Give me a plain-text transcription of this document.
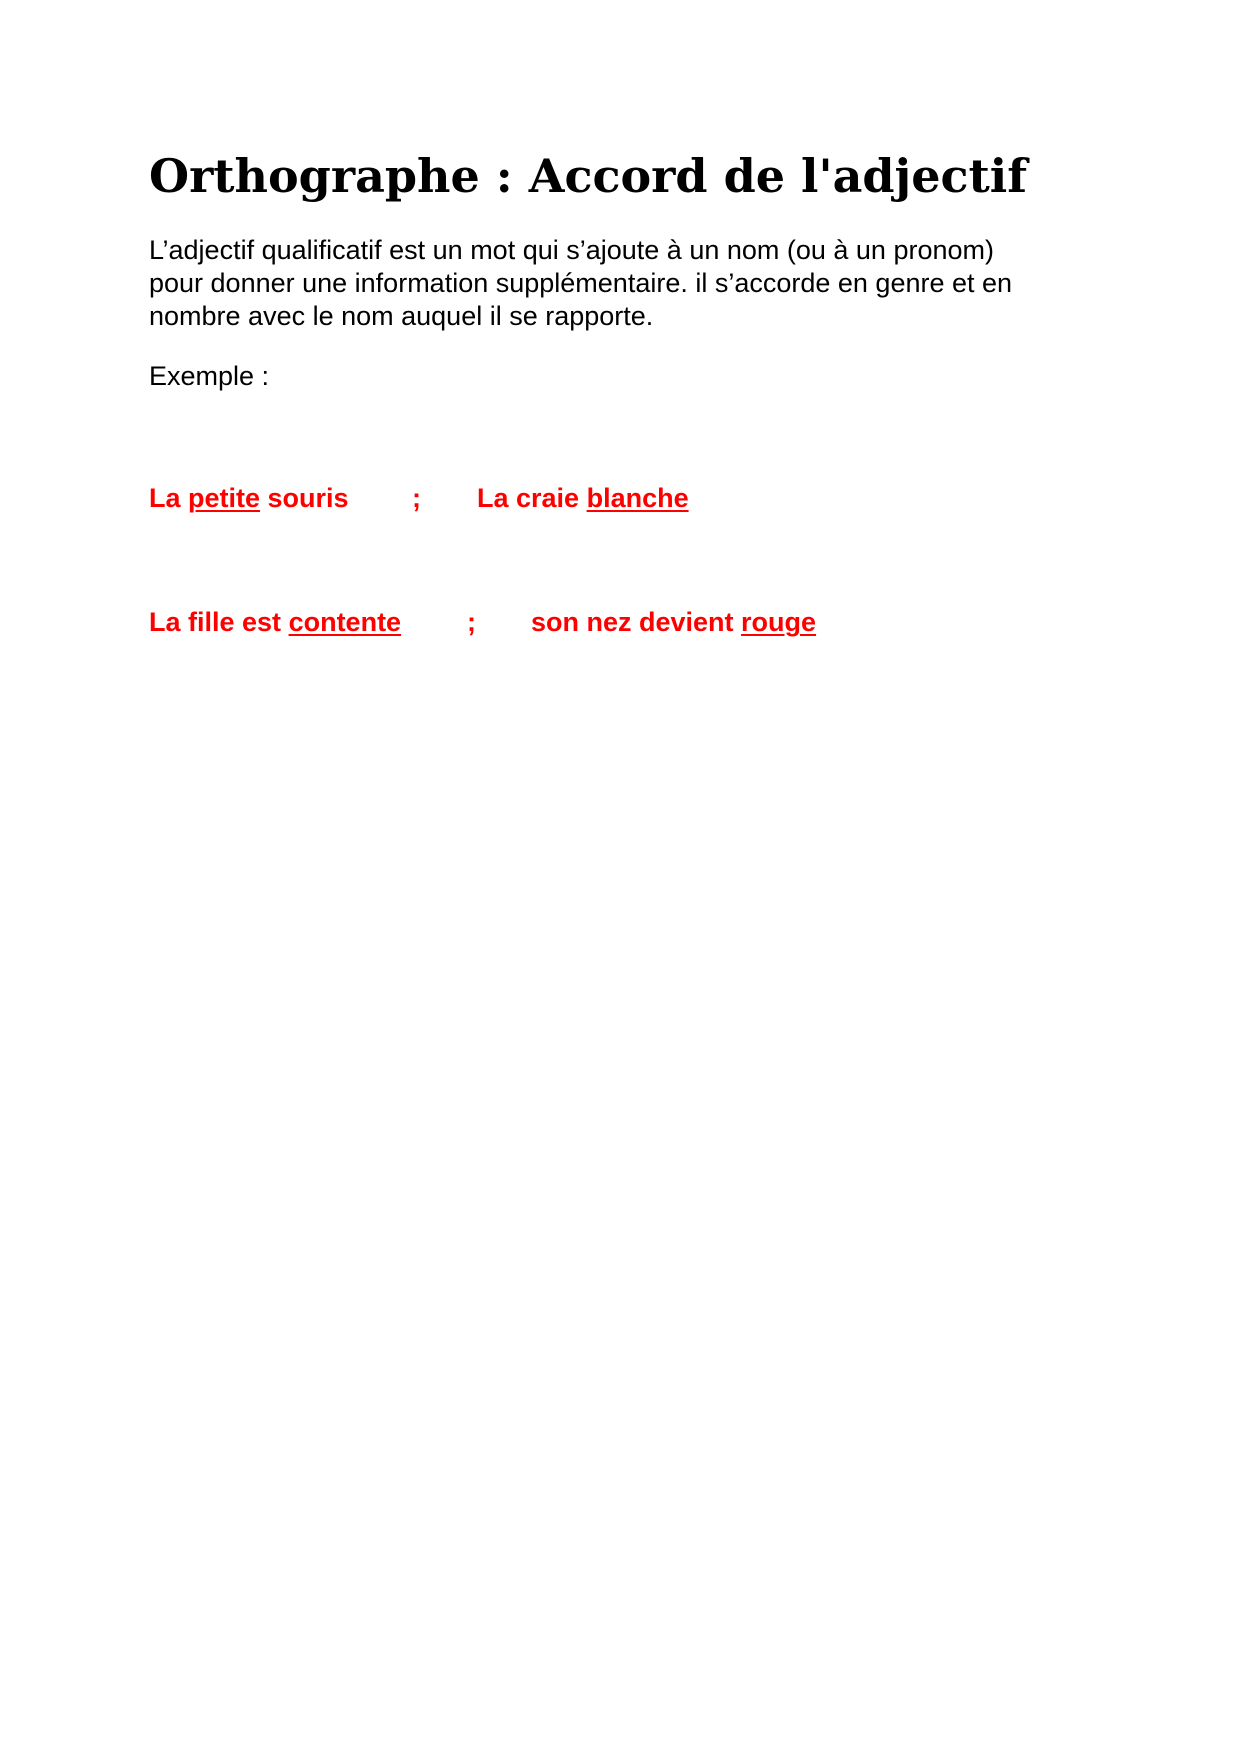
Orthographe : Accord de l'adjectif

L’adjectif qualificatif est un mot qui s’ajoute à un nom (ou à un pronom)
pour donner une information supplémentaire. il s’accorde en genre et en
nombre avec le nom auquel il se rapporte.

Exemple :

La petite souris ; La craie blanche
La fille est contente ; son nez devient rouge
